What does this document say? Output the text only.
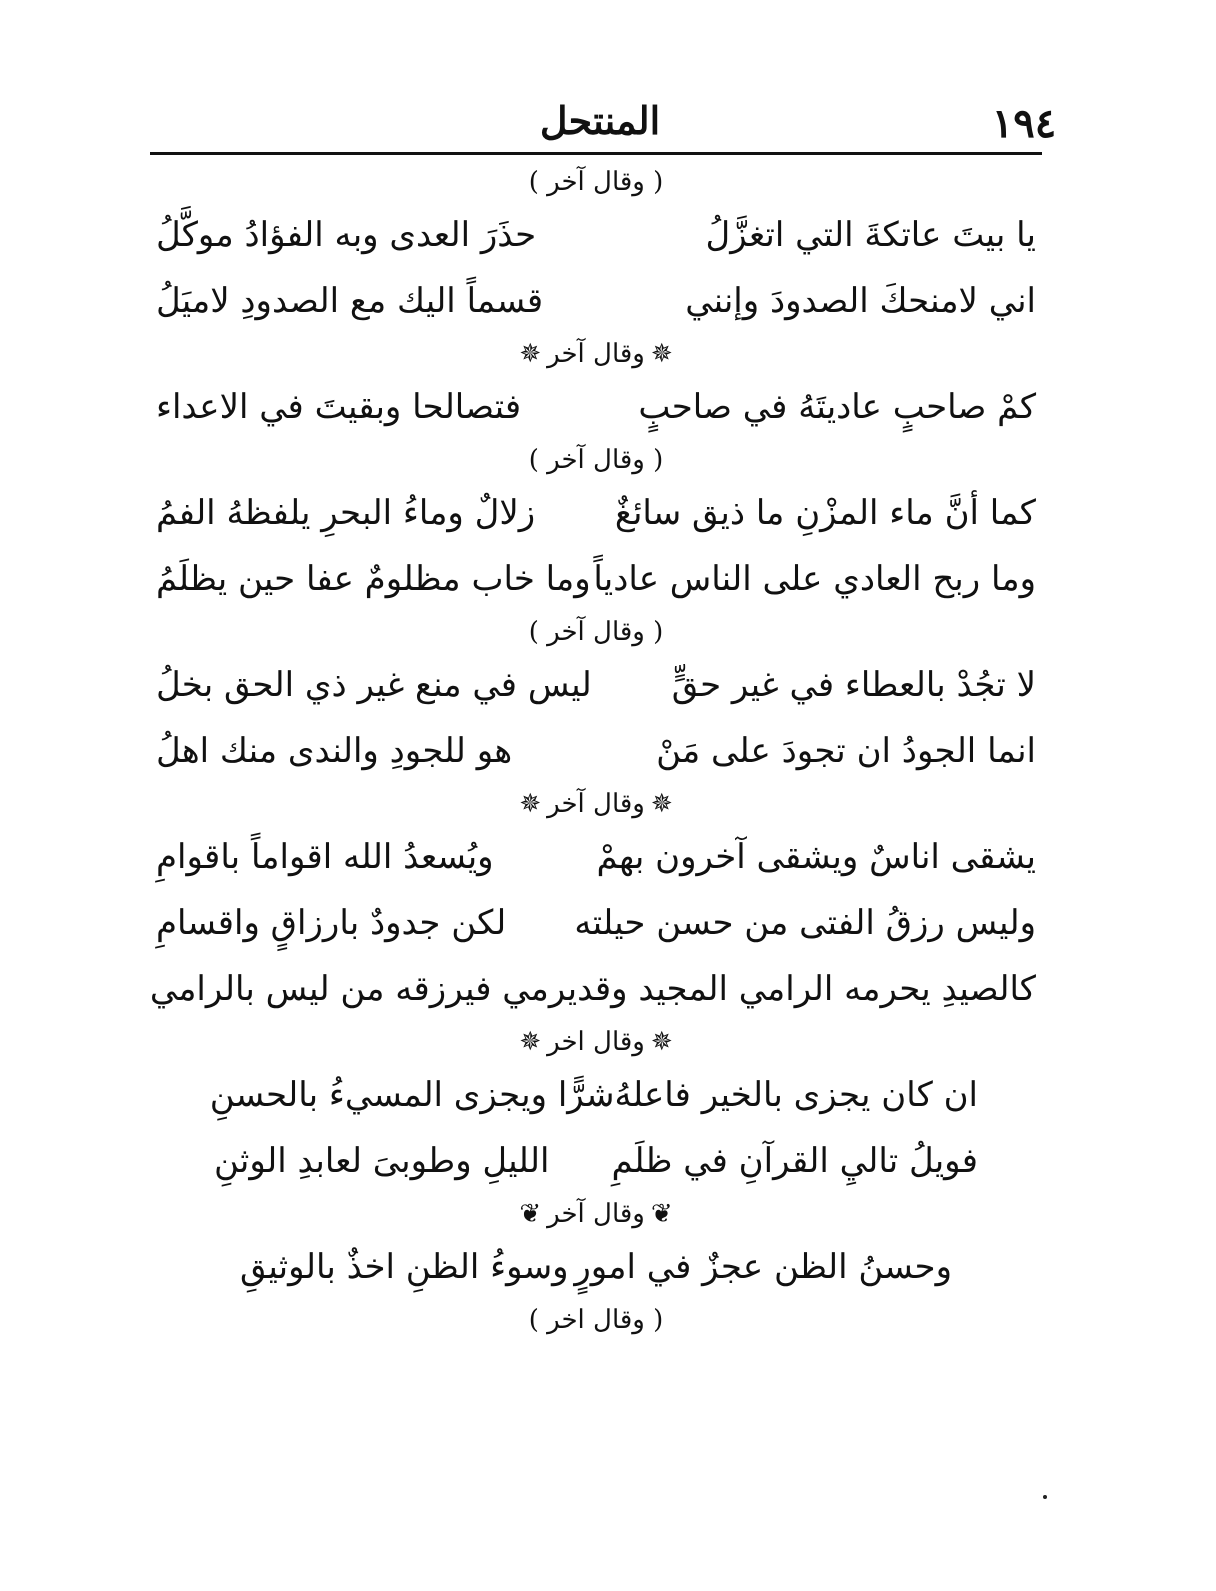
١٩٤
المنتحل
( وقال آخر )
يا بيتَ عاتكةَ التي اتغزَّلُ
حذَرَ العدى وبه الفؤادُ موكَّلُ
اني لامنحكَ الصدودَ وإنني
قسماً اليك مع الصدودِ لاميَلُ
✵وقال آخر✵
كمْ صاحبٍ عاديتَهُ في صاحبٍ
فتصالحا وبقيتَ في الاعداء
( وقال آخر )
كما أنَّ ماء المزْنِ ما ذيق سائغٌ
زلالٌ وماءُ البحرِ يلفظهُ الفمُ
وما ربح العادي على الناس عادياً
وما خاب مظلومٌ عفا حين يظلَمُ
( وقال آخر )
لا تجُدْ بالعطاء في غير حقٍّ
ليس في منع غير ذي الحق بخلُ
انما الجودُ ان تجودَ على مَنْ
هو للجودِ والندى منك اهلُ
✵وقال آخر✵
يشقى اناسٌ ويشقى آخرون بهمْ
ويُسعدُ الله اقواماً باقوامِ
وليس رزقُ الفتى من حسن حيلته
لكن جدودٌ بارزاقٍ واقسامِ
كالصيدِ يحرمه الرامي المجيد وقد
يرمي فيرزقه من ليس بالرامي
✵وقال اخر✵
ان كان يجزى بالخير فاعلهُ
شرًّا ويجزى المسيءُ بالحسنِ
فويلُ تاليِ القرآنِ في ظلَمِ
الليلِ وطوبىَ لعابدِ الوثنِ
❦وقال آخر❦
وحسنُ الظن عجزٌ في امورٍ
وسوءُ الظنِ اخذٌ بالوثيقِ
( وقال اخر )
